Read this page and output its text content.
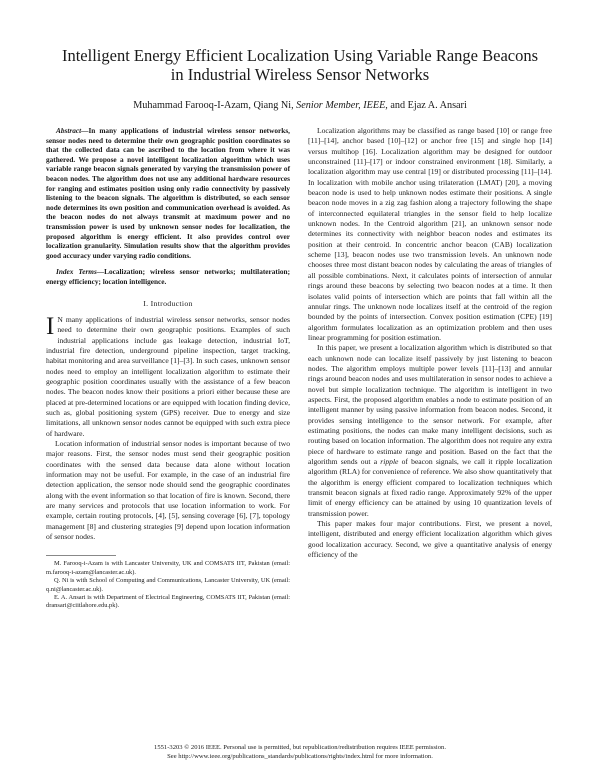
Intelligent Energy Efficient Localization Using Variable Range Beacons
in Industrial Wireless Sensor Networks
Muhammad Farooq-I-Azam, Qiang Ni, Senior Member, IEEE, and Ejaz A. Ansari

Abstract—In many applications of industrial wireless sensor networks, sensor nodes need to determine their own geographic position coordinates so that the collected data can be ascribed to the location from where it was gathered. We propose a novel intelligent localization algorithm which uses variable range beacon signals generated by varying the transmission power of beacon nodes. The algorithm does not use any additional hardware resources for ranging and estimates position using only radio connectivity by passively listening to the beacon signals. The algorithm is distributed, so each sensor node determines its own position and communication overhead is avoided. As the beacon nodes do not always transmit at maximum power and no transmission power is used by unknown sensor nodes for localization, the proposed algorithm is energy efficient. It also provides control over localization granularity. Simulation results show that the algorithm provides good accuracy under varying radio conditions.

Index Terms—Localization; wireless sensor networks; multilateration; energy efficiency; location intelligence.

I. Introduction

I N many applications of industrial wireless sensor networks, sensor nodes need to determine their own geographic positions. Examples of such industrial applications include gas leakage detection, industrial IoT, industrial fire detection, underground pipeline inspection, target tracking, habitat monitoring and area surveillance [1]–[3]. In such cases, unknown sensor nodes need to employ an intelligent localization algorithm to estimate their geographic position coordinates usually with the assistance of a few beacon nodes. The beacon nodes know their positions a priori either because these are placed at pre-determined locations or are equipped with location finding device, such as, global positioning system (GPS) receiver. Due to energy and size limitations, all unknown sensor nodes cannot be equipped with such extra piece of hardware.

Location information of industrial sensor nodes is important because of two major reasons. First, the sensor nodes must send their geographic position coordinates with the sensed data because data alone without location information may not be useful. For example, in the case of an industrial fire detection application, the sensor node should send the geographic coordinates along with the event information so that location of fire is known. Second, there are many services and protocols that use location information to work. For example, certain routing protocols, [4], [5], sensing coverage [6], [7], topology management [8] and clustering strategies [9] depend upon location information of sensor nodes.

M. Farooq-i-Azam is with Lancaster University, UK and COMSATS IIT, Pakistan (email: m.farooq-i-azam@lancaster.ac.uk).

Q. Ni is with School of Computing and Communications, Lancaster University, UK (email: q.ni@lancaster.ac.uk).

E. A. Ansari is with Department of Electrical Engineering, COMSATS IIT, Pakistan (email: dransari@ciitlahore.edu.pk).

Localization algorithms may be classified as range based [10] or range free [11]–[14], anchor based [10]–[12] or anchor free [15] and single hop [14] versus multihop [16]. Localization algorithm may be designed for outdoor unconstrained [11]–[17] or indoor constrained environment [18]. Similarly, a localization algorithm may use central [19] or distributed processing [11]–[14]. In localization with mobile anchor using trilateration (LMAT) [20], a moving beacon node is used to help unknown nodes estimate their positions. A single beacon node moves in a zig zag fashion along a trajectory following the shape of interconnected equilateral triangles in the sensor field to help localize unknown nodes. In the Centroid algorithm [21], an unknown sensor node determines its connectivity with neighbor beacon nodes and estimates its position at their centroid. In concentric anchor beacon (CAB) localization scheme [13], beacon nodes use two transmission levels. An unknown node chooses three most distant beacon nodes by calculating the areas of triangles of all possible combinations. Next, it calculates points of intersection of annular rings around these beacons by selecting two beacon nodes at a time. It then isolates valid points of intersection which are points that fall within all the annular rings. The unknown node localizes itself at the centroid of the region bounded by the points of intersection. Convex position estimation (CPE) [19] algorithm formulates localization as an optimization problem and then uses linear programming for position estimation.

In this paper, we present a localization algorithm which is distributed so that each unknown node can localize itself passively by just listening to beacon nodes. The algorithm employs multiple power levels [11]–[13] and annular rings around beacon nodes and uses multilateration in sensor nodes to achieve a novel but simple localization technique. The algorithm is intelligent in two aspects. First, the proposed algorithm enables a node to estimate position of an intelligent manner by using passive information from beacon nodes. Second, it provides sensing intelligence to the sensor network. For example, after estimating positions, the nodes can make many intelligent decisions, such as routing based on location information. The algorithm does not require any extra piece of hardware to estimate range and position. Based on the fact that the algorithm sends out a ripple of beacon signals, we call it ripple localization algorithm (RLA) for convenience of reference. We also show quantitatively that the algorithm is energy efficient compared to localization techniques which transmit beacon signals at fixed radio range. Approximately 92% of the upper limit of energy efficiency can be attained by using 10 quantization levels of transmission power.

This paper makes four major contributions. First, we present a novel, intelligent, distributed and energy efficient localization algorithm which gives good localization accuracy. Second, we give a quantitative analysis of energy efficiency of the

1551-3203 © 2016 IEEE. Personal use is permitted, but republication/redistribution requires IEEE permission.
See http://www.ieee.org/publications_standards/publications/rights/index.html for more information.
